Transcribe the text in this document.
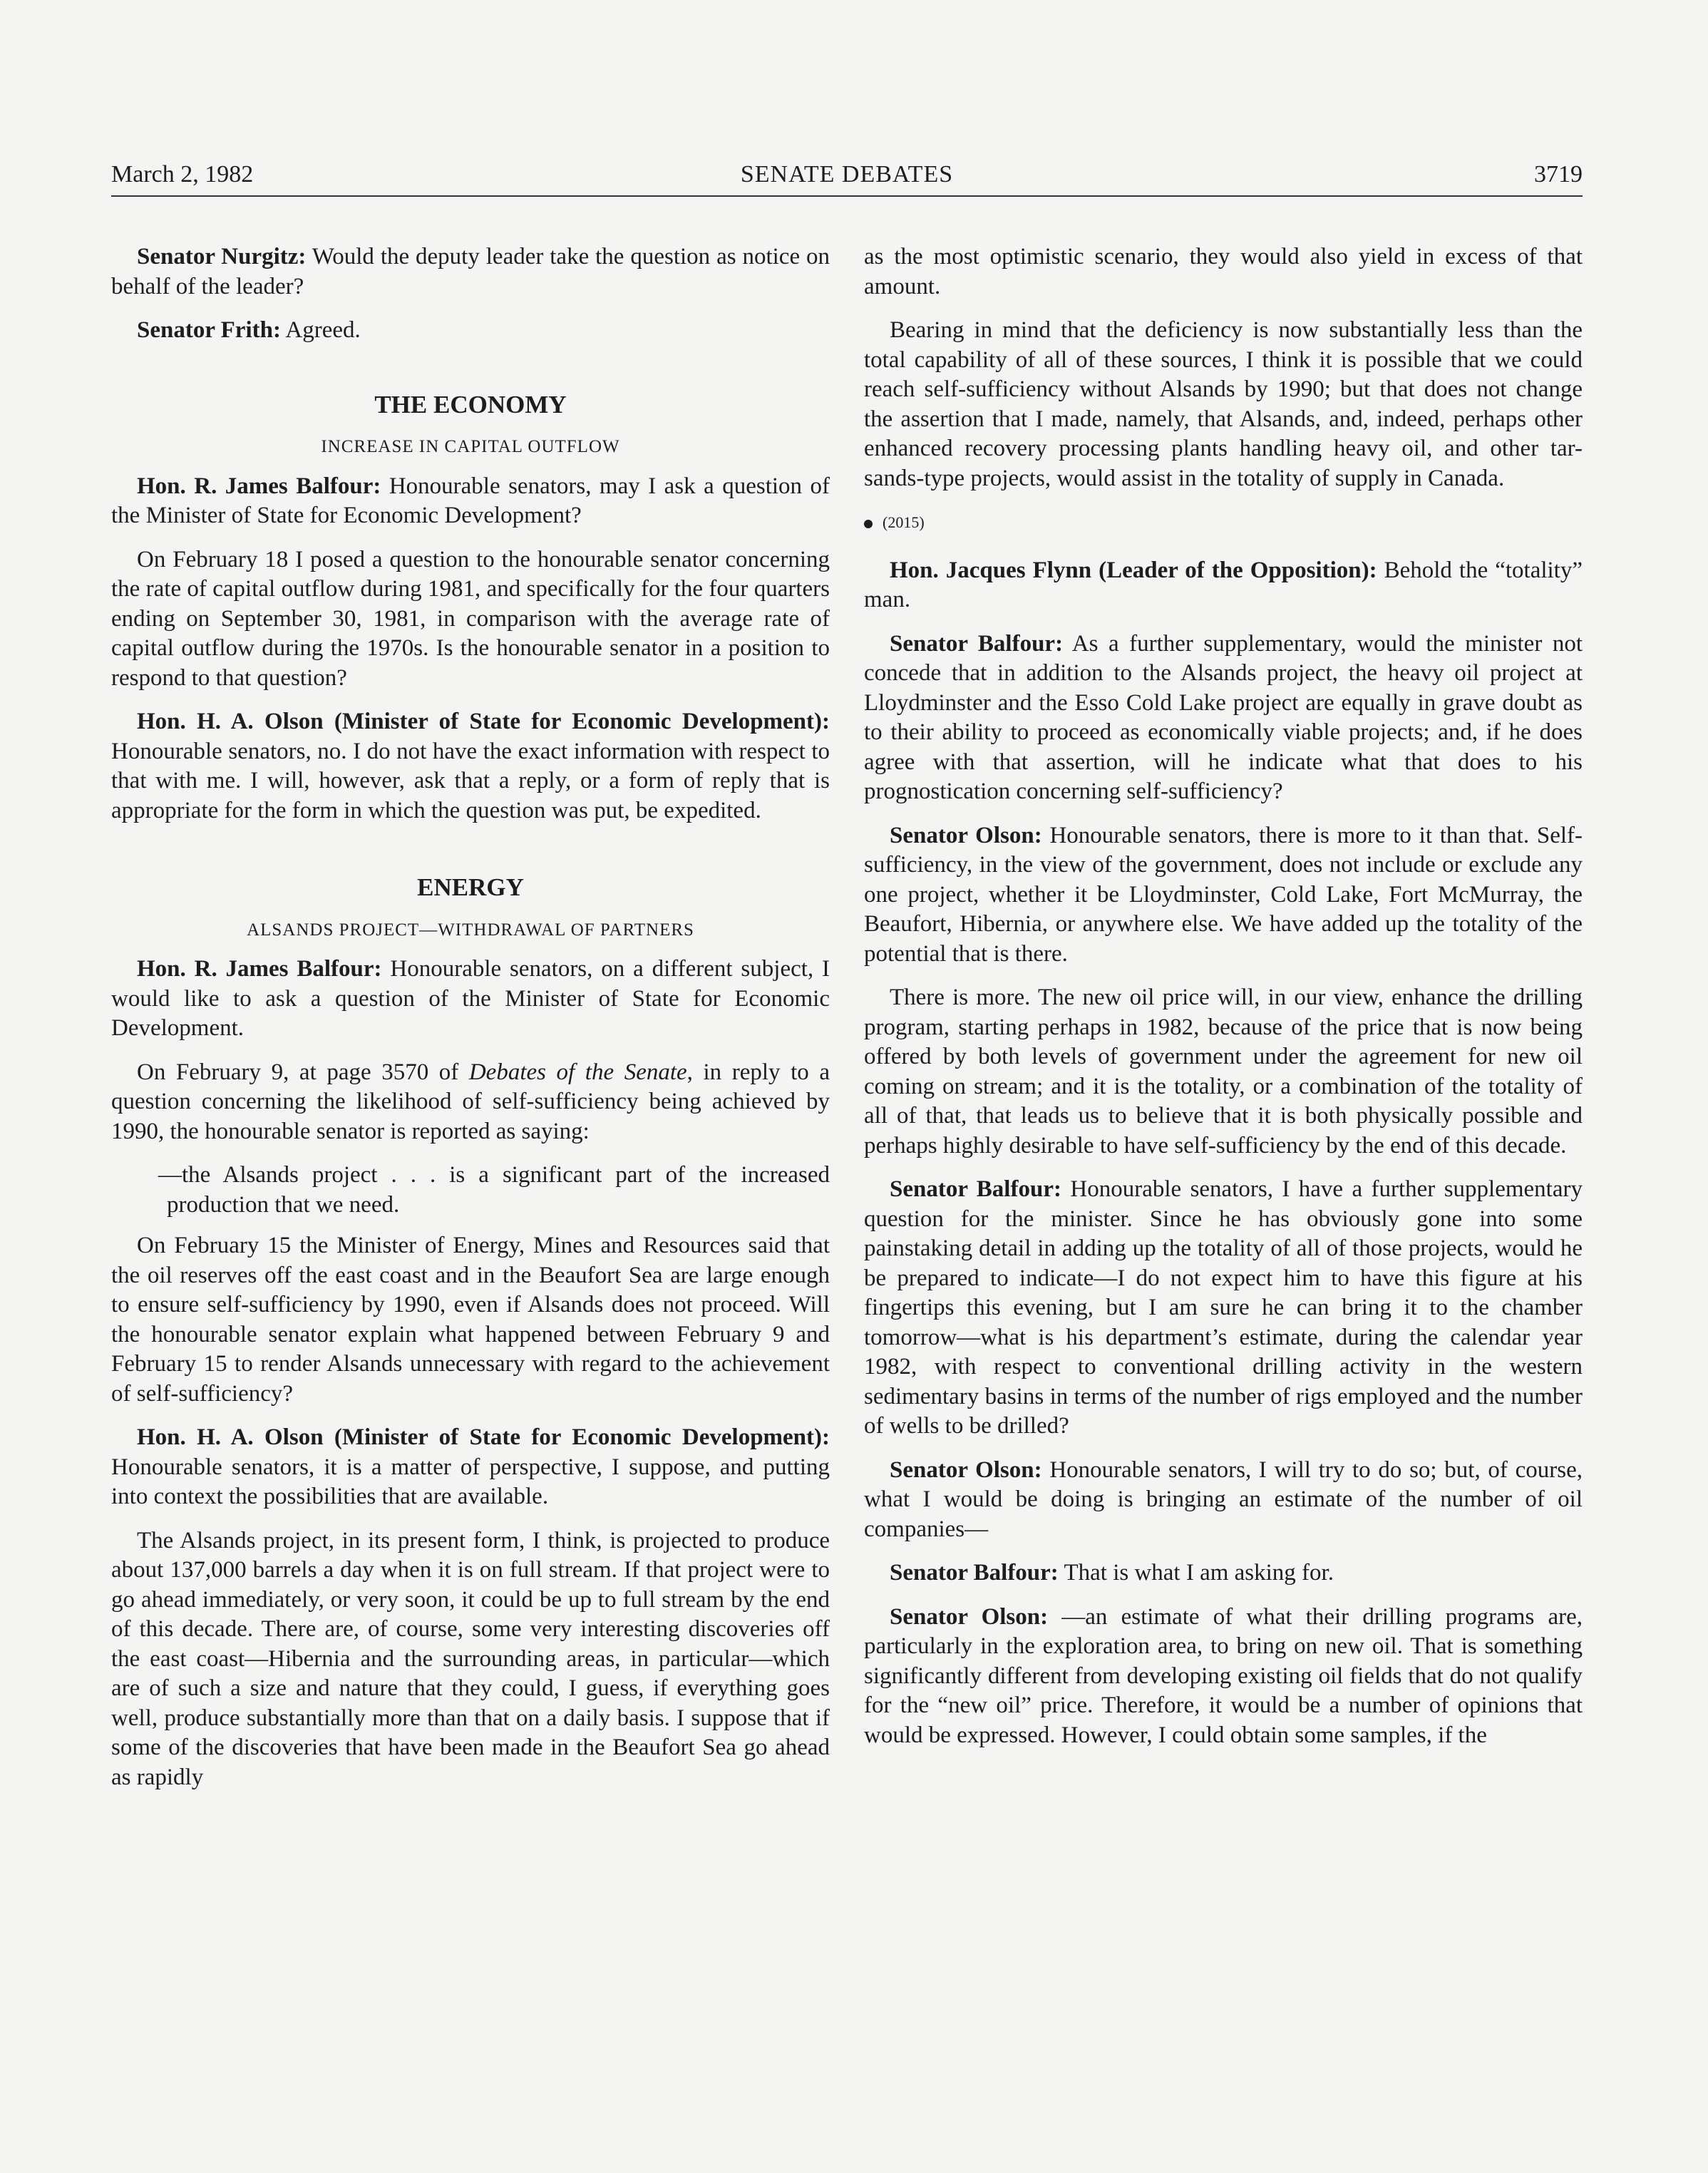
March 2, 1982	SENATE DEBATES	3719

Senator Nurgitz: Would the deputy leader take the question as notice on behalf of the leader?

Senator Frith: Agreed.

THE ECONOMY
INCREASE IN CAPITAL OUTFLOW

Hon. R. James Balfour: Honourable senators, may I ask a question of the Minister of State for Economic Development?

On February 18 I posed a question to the honourable senator concerning the rate of capital outflow during 1981, and specifically for the four quarters ending on September 30, 1981, in comparison with the average rate of capital outflow during the 1970s. Is the honourable senator in a position to respond to that question?

Hon. H. A. Olson (Minister of State for Economic Development): Honourable senators, no. I do not have the exact information with respect to that with me. I will, however, ask that a reply, or a form of reply that is appropriate for the form in which the question was put, be expedited.

ENERGY
ALSANDS PROJECT—WITHDRAWAL OF PARTNERS

Hon. R. James Balfour: Honourable senators, on a different subject, I would like to ask a question of the Minister of State for Economic Development.

On February 9, at page 3570 of Debates of the Senate, in reply to a question concerning the likelihood of self-sufficiency being achieved by 1990, the honourable senator is reported as saying:

—the Alsands project . . . is a significant part of the increased production that we need.

On February 15 the Minister of Energy, Mines and Resources said that the oil reserves off the east coast and in the Beaufort Sea are large enough to ensure self-sufficiency by 1990, even if Alsands does not proceed. Will the honourable senator explain what happened between February 9 and February 15 to render Alsands unnecessary with regard to the achievement of self-sufficiency?

Hon. H. A. Olson (Minister of State for Economic Development): Honourable senators, it is a matter of perspective, I suppose, and putting into context the possibilities that are available.

The Alsands project, in its present form, I think, is projected to produce about 137,000 barrels a day when it is on full stream. If that project were to go ahead immediately, or very soon, it could be up to full stream by the end of this decade. There are, of course, some very interesting discoveries off the east coast—Hibernia and the surrounding areas, in particular—which are of such a size and nature that they could, I guess, if everything goes well, produce substantially more than that on a daily basis. I suppose that if some of the discoveries that have been made in the Beaufort Sea go ahead as rapidly

as the most optimistic scenario, they would also yield in excess of that amount.

Bearing in mind that the deficiency is now substantially less than the total capability of all of these sources, I think it is possible that we could reach self-sufficiency without Alsands by 1990; but that does not change the assertion that I made, namely, that Alsands, and, indeed, perhaps other enhanced recovery processing plants handling heavy oil, and other tar-sands-type projects, would assist in the totality of supply in Canada.

(2015)

Hon. Jacques Flynn (Leader of the Opposition): Behold the “totality” man.

Senator Balfour: As a further supplementary, would the minister not concede that in addition to the Alsands project, the heavy oil project at Lloydminster and the Esso Cold Lake project are equally in grave doubt as to their ability to proceed as economically viable projects; and, if he does agree with that assertion, will he indicate what that does to his prognostication concerning self-sufficiency?

Senator Olson: Honourable senators, there is more to it than that. Self-sufficiency, in the view of the government, does not include or exclude any one project, whether it be Lloydminster, Cold Lake, Fort McMurray, the Beaufort, Hibernia, or anywhere else. We have added up the totality of the potential that is there.

There is more. The new oil price will, in our view, enhance the drilling program, starting perhaps in 1982, because of the price that is now being offered by both levels of government under the agreement for new oil coming on stream; and it is the totality, or a combination of the totality of all of that, that leads us to believe that it is both physically possible and perhaps highly desirable to have self-sufficiency by the end of this decade.

Senator Balfour: Honourable senators, I have a further supplementary question for the minister. Since he has obviously gone into some painstaking detail in adding up the totality of all of those projects, would he be prepared to indicate—I do not expect him to have this figure at his fingertips this evening, but I am sure he can bring it to the chamber tomorrow—what is his department’s estimate, during the calendar year 1982, with respect to conventional drilling activity in the western sedimentary basins in terms of the number of rigs employed and the number of wells to be drilled?

Senator Olson: Honourable senators, I will try to do so; but, of course, what I would be doing is bringing an estimate of the number of oil companies—

Senator Balfour: That is what I am asking for.

Senator Olson: —an estimate of what their drilling programs are, particularly in the exploration area, to bring on new oil. That is something significantly different from developing existing oil fields that do not qualify for the “new oil” price. Therefore, it would be a number of opinions that would be expressed. However, I could obtain some samples, if the
